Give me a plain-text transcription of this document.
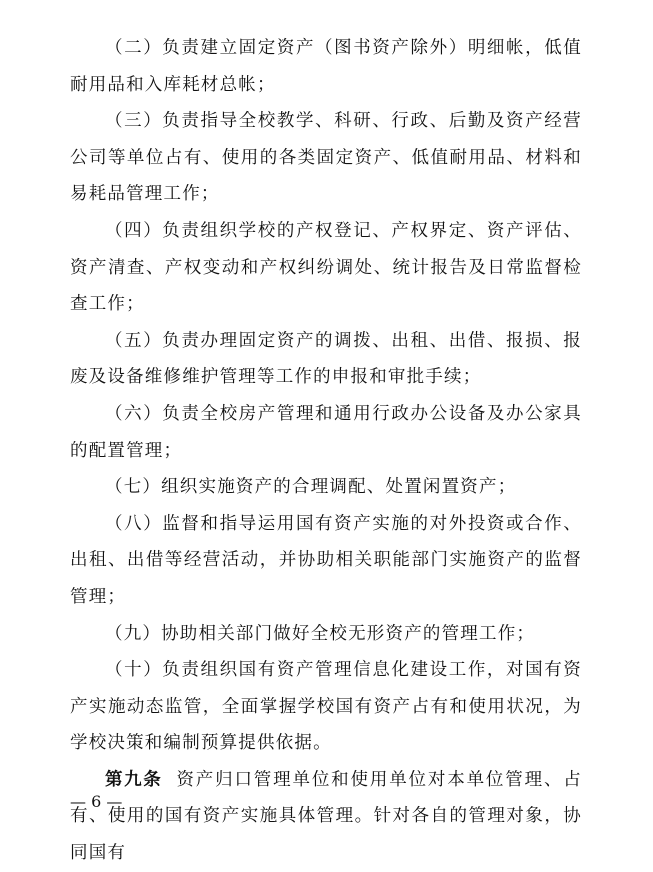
（二）负责建立固定资产（图书资产除外）明细帐，低值耐用品和入库耗材总帐；

（三）负责指导全校教学、科研、行政、后勤及资产经营公司等单位占有、使用的各类固定资产、低值耐用品、材料和易耗品管理工作；

（四）负责组织学校的产权登记、产权界定、资产评估、资产清查、产权变动和产权纠纷调处、统计报告及日常监督检查工作；

（五）负责办理固定资产的调拨、出租、出借、报损、报废及设备维修维护管理等工作的申报和审批手续；

（六）负责全校房产管理和通用行政办公设备及办公家具的配置管理；

（七）组织实施资产的合理调配、处置闲置资产；

（八）监督和指导运用国有资产实施的对外投资或合作、出租、出借等经营活动，并协助相关职能部门实施资产的监督管理；

（九）协助相关部门做好全校无形资产的管理工作；

（十）负责组织国有资产管理信息化建设工作，对国有资产实施动态监管，全面掌握学校国有资产占有和使用状况，为学校决策和编制预算提供依据。

第九条 资产归口管理单位和使用单位对本单位管理、占有、使用的国有资产实施具体管理。针对各自的管理对象，协同国有

— 6 —
